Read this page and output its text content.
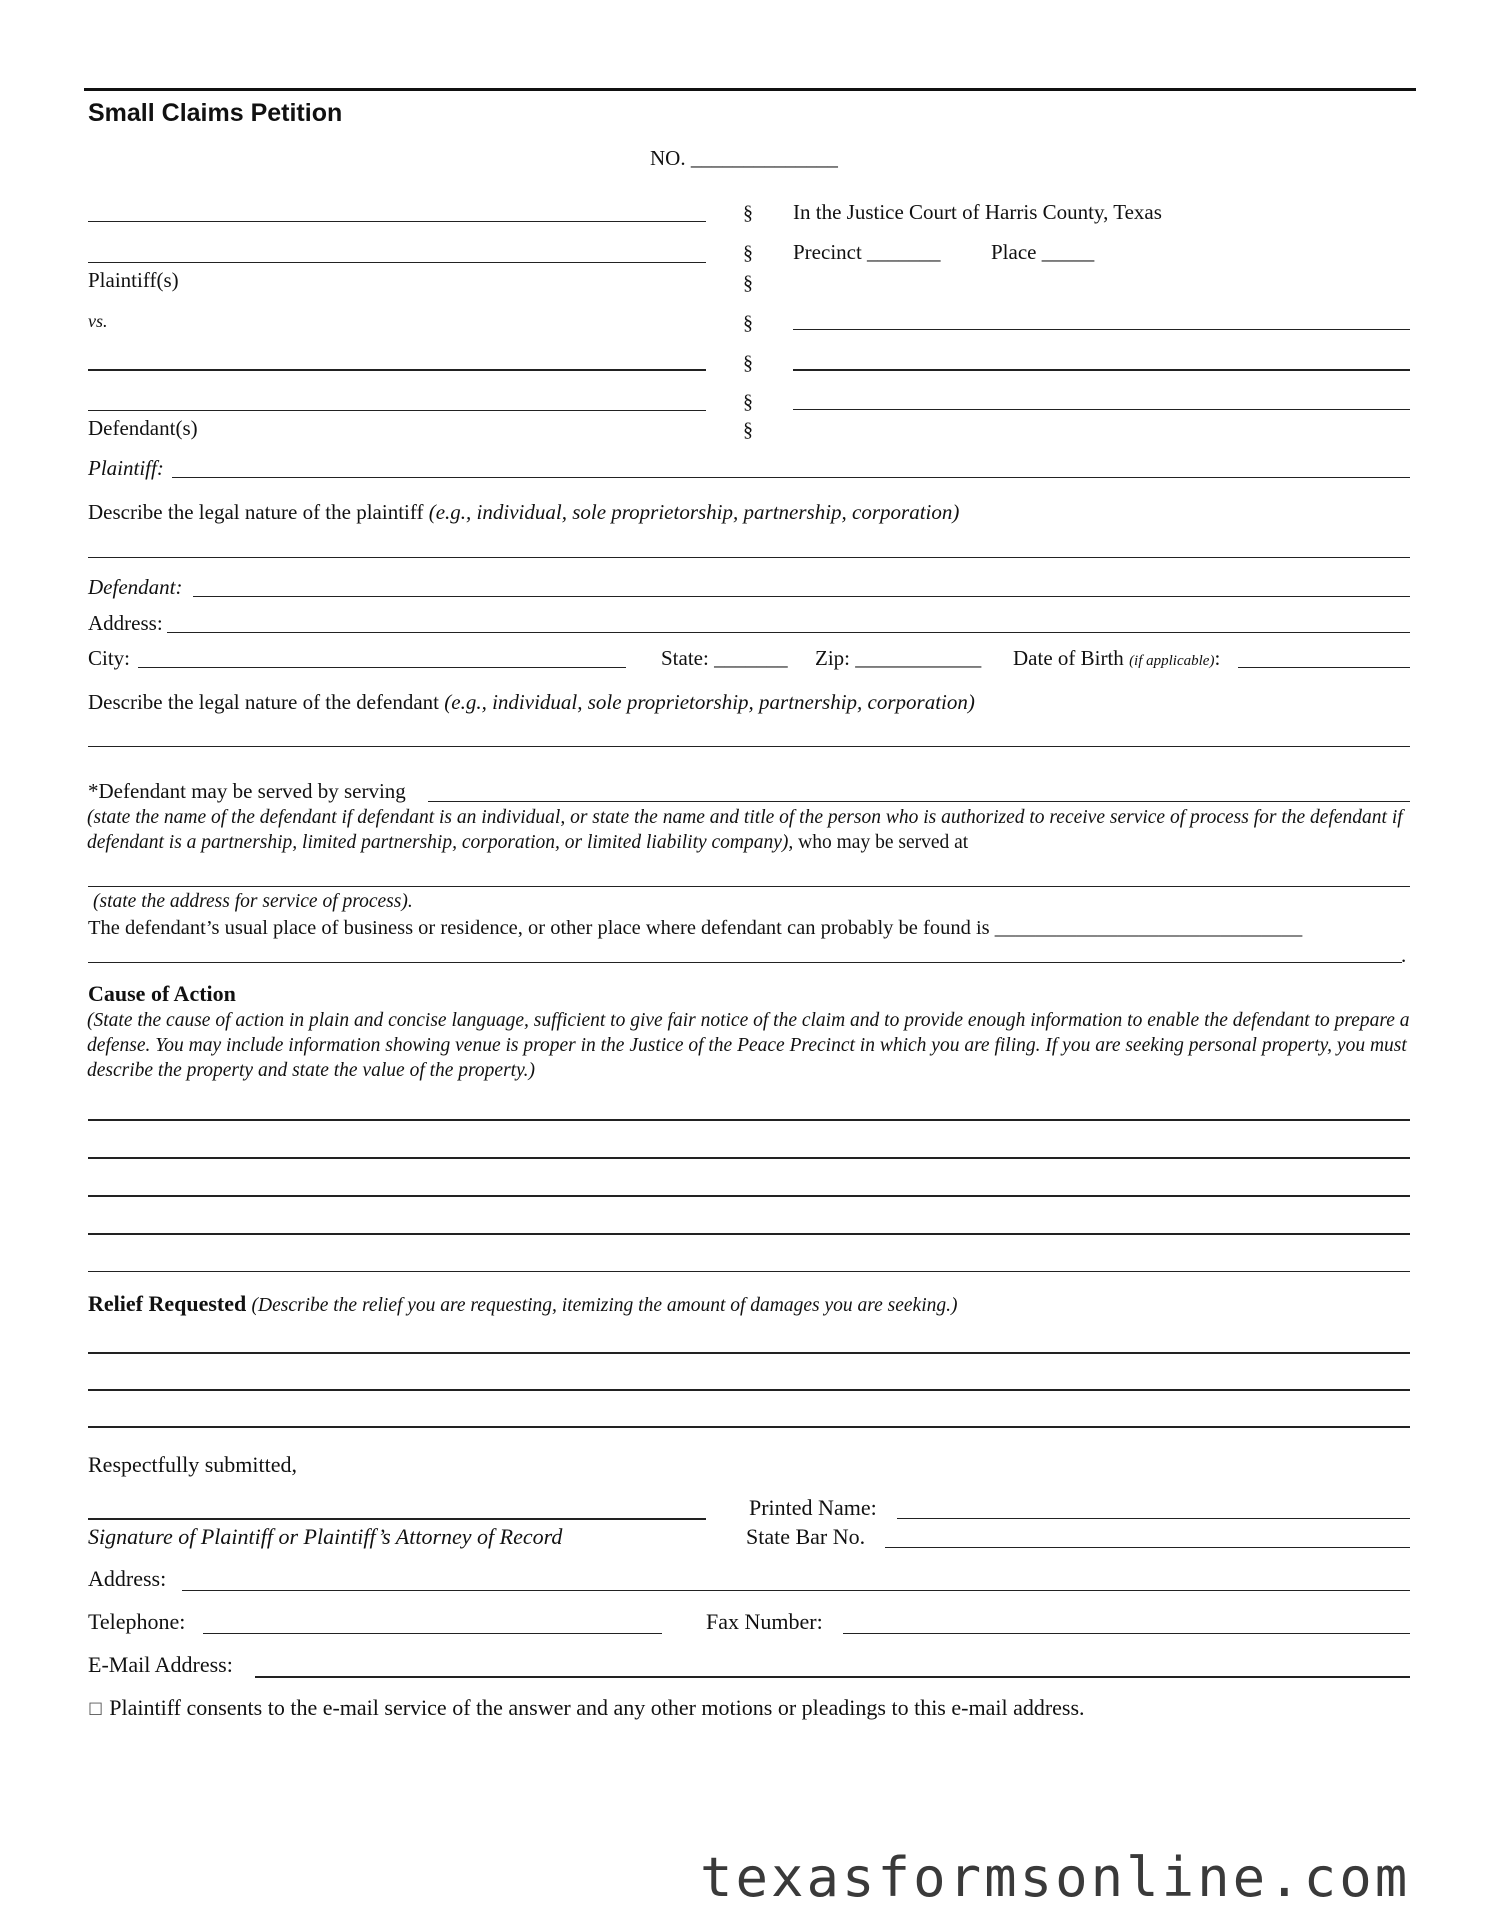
Small Claims Petition
NO. ______________
Plaintiff(s)
vs.
Defendant(s)
§
§
§
§
§
§
§
In the Justice Court of Harris County, Texas
Precinct _______ Place _____
Plaintiff:
Describe the legal nature of the plaintiff (e.g., individual, sole proprietorship, partnership, corporation)
Defendant:
Address:
City:	State: _______ Zip: ____________ Date of Birth (if applicable):
Describe the legal nature of the defendant (e.g., individual, sole proprietorship, partnership, corporation)
*Defendant may be served by serving
(state the name of the defendant if defendant is an individual, or state the name and title of the person who is authorized to receive service of process for the defendant if defendant is a partnership, limited partnership, corporation, or limited liability company), who may be served at
(state the address for service of process).
The defendant’s usual place of business or residence, or other place where defendant can probably be found is ______________________________
.
Cause of Action
(State the cause of action in plain and concise language, sufficient to give fair notice of the claim and to provide enough information to enable the defendant to prepare a defense. You may include information showing venue is proper in the Justice of the Peace Precinct in which you are filing. If you are seeking personal property, you must describe the property and state the value of the property.)
Relief Requested (Describe the relief you are requesting, itemizing the amount of damages you are seeking.)
Respectfully submitted,
Signature of Plaintiff or Plaintiff’s Attorney of Record
Printed Name:
State Bar No.
Address:
Telephone:	Fax Number:
E-Mail Address:
☐ Plaintiff consents to the e-mail service of the answer and any other motions or pleadings to this e-mail address.
texasformsonline.com
